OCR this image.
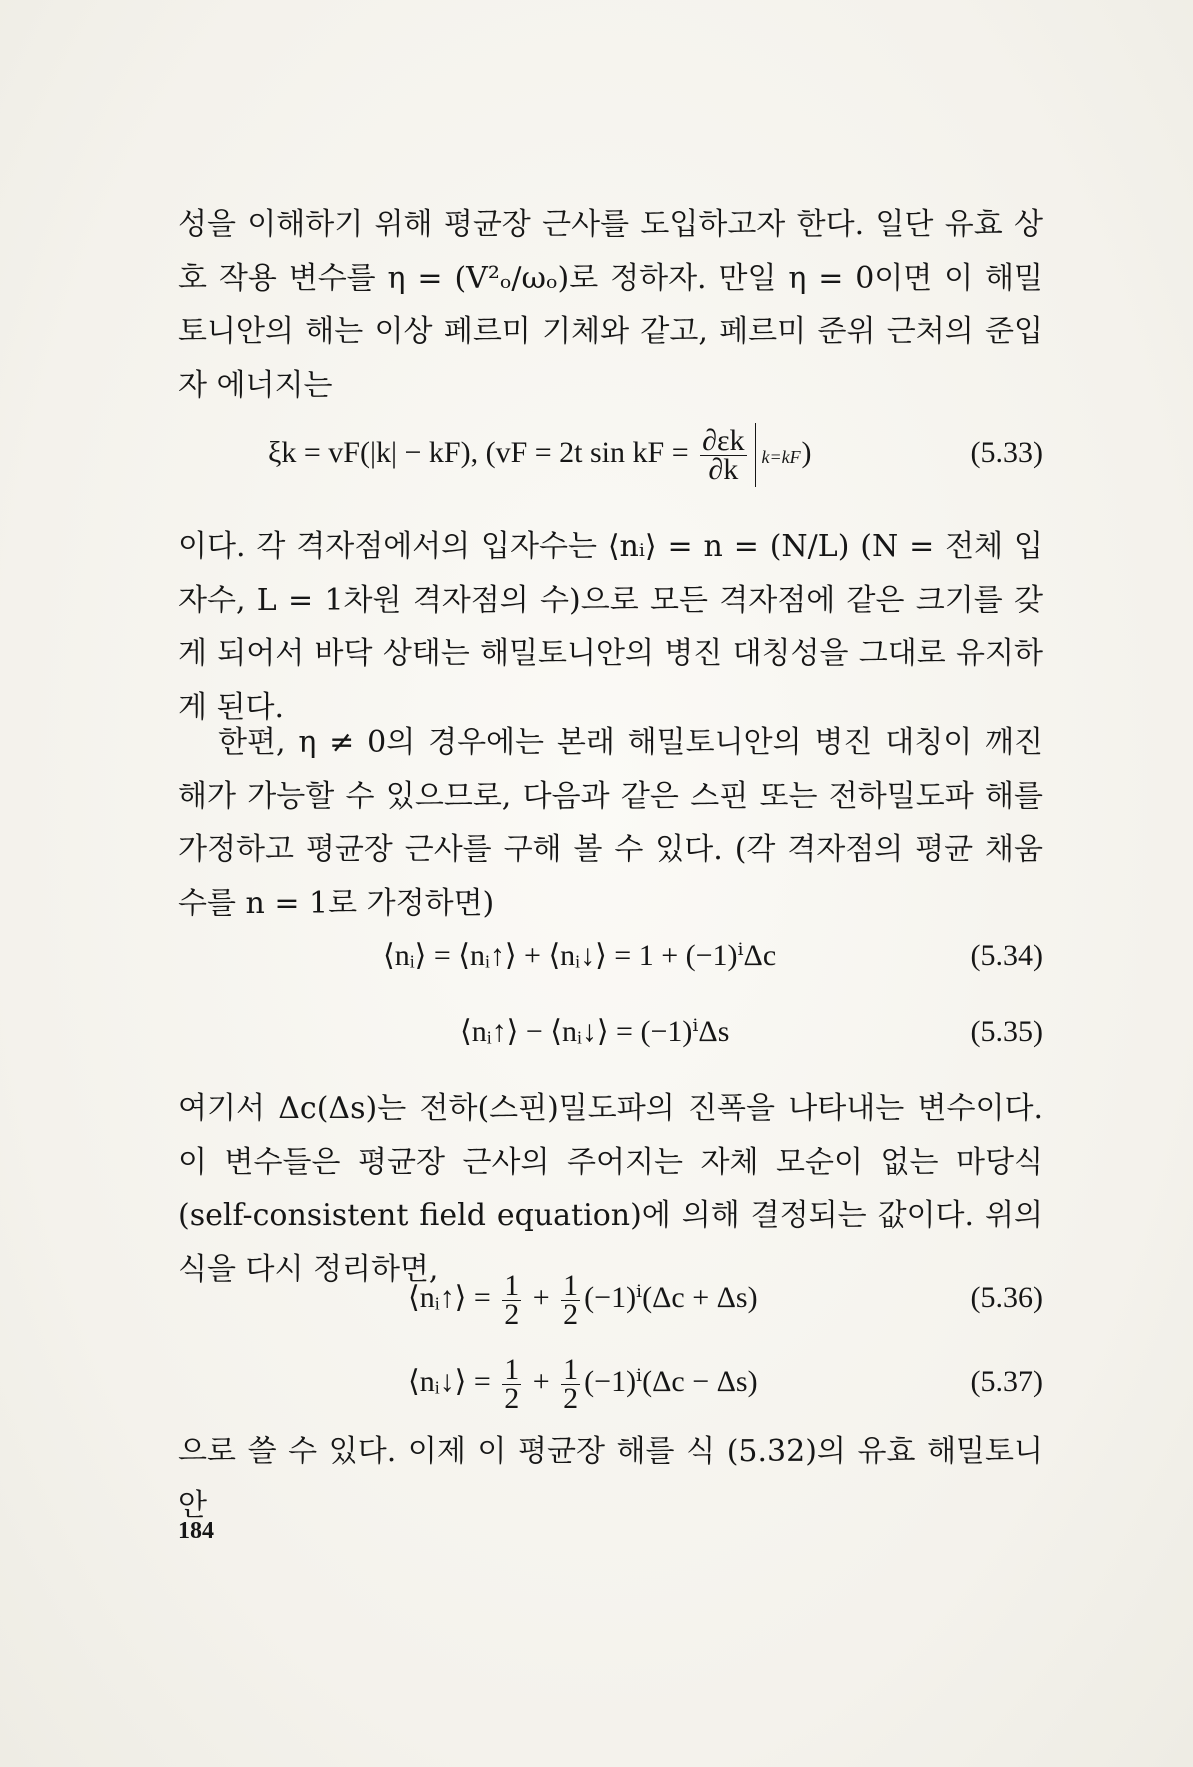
성을 이해하기 위해 평균장 근사를 도입하고자 한다. 일단 유효 상호 작용 변수를 η = (V²ₒ/ωₒ)로 정하자. 만일 η = 0이면 이 해밀토니안의 해는 이상 페르미 기체와 같고, 페르미 준위 근처의 준입자 에너지는

ξk = vF(|k| − kF), (vF = 2t sin kF = $\frac{\partial\varepsilon k}{\partial k} k=kF$ )	(5.33)

이다. 각 격자점에서의 입자수는 ⟨nᵢ⟩ = n = (N/L) (N = 전체 입자수, L = 1차원 격자점의 수)으로 모든 격자점에 같은 크기를 갖게 되어서 바닥 상태는 해밀토니안의 병진 대칭성을 그대로 유지하게 된다.

한편, η ≠ 0의 경우에는 본래 해밀토니안의 병진 대칭이 깨진 해가 가능할 수 있으므로, 다음과 같은 스핀 또는 전하밀도파 해를 가정하고 평균장 근사를 구해 볼 수 있다. (각 격자점의 평균 채움수를 n = 1로 가정하면)

⟨nᵢ⟩ = ⟨nᵢ↑⟩ + ⟨nᵢ↓⟩ = 1 + (−1)ⁱΔc	(5.34)
⟨nᵢ↑⟩ − ⟨nᵢ↓⟩ = (−1)ⁱΔs	(5.35)

여기서 Δc(Δs)는 전하(스핀)밀도파의 진폭을 나타내는 변수이다. 이 변수들은 평균장 근사의 주어지는 자체 모순이 없는 마당식(self-consistent field equation)에 의해 결정되는 값이다. 위의 식을 다시 정리하면,

⟨nᵢ↑⟩ = $\frac{1}{2} + \frac{1}{2} (-1)^i(\Delta c + \Delta s)$	(5.36)
⟨nᵢ↓⟩ = $\frac{1}{2} + \frac{1}{2} (-1)^i(\Delta c - \Delta s)$	(5.37)

으로 쓸 수 있다. 이제 이 평균장 해를 식 (5.32)의 유효 해밀토니안

184
